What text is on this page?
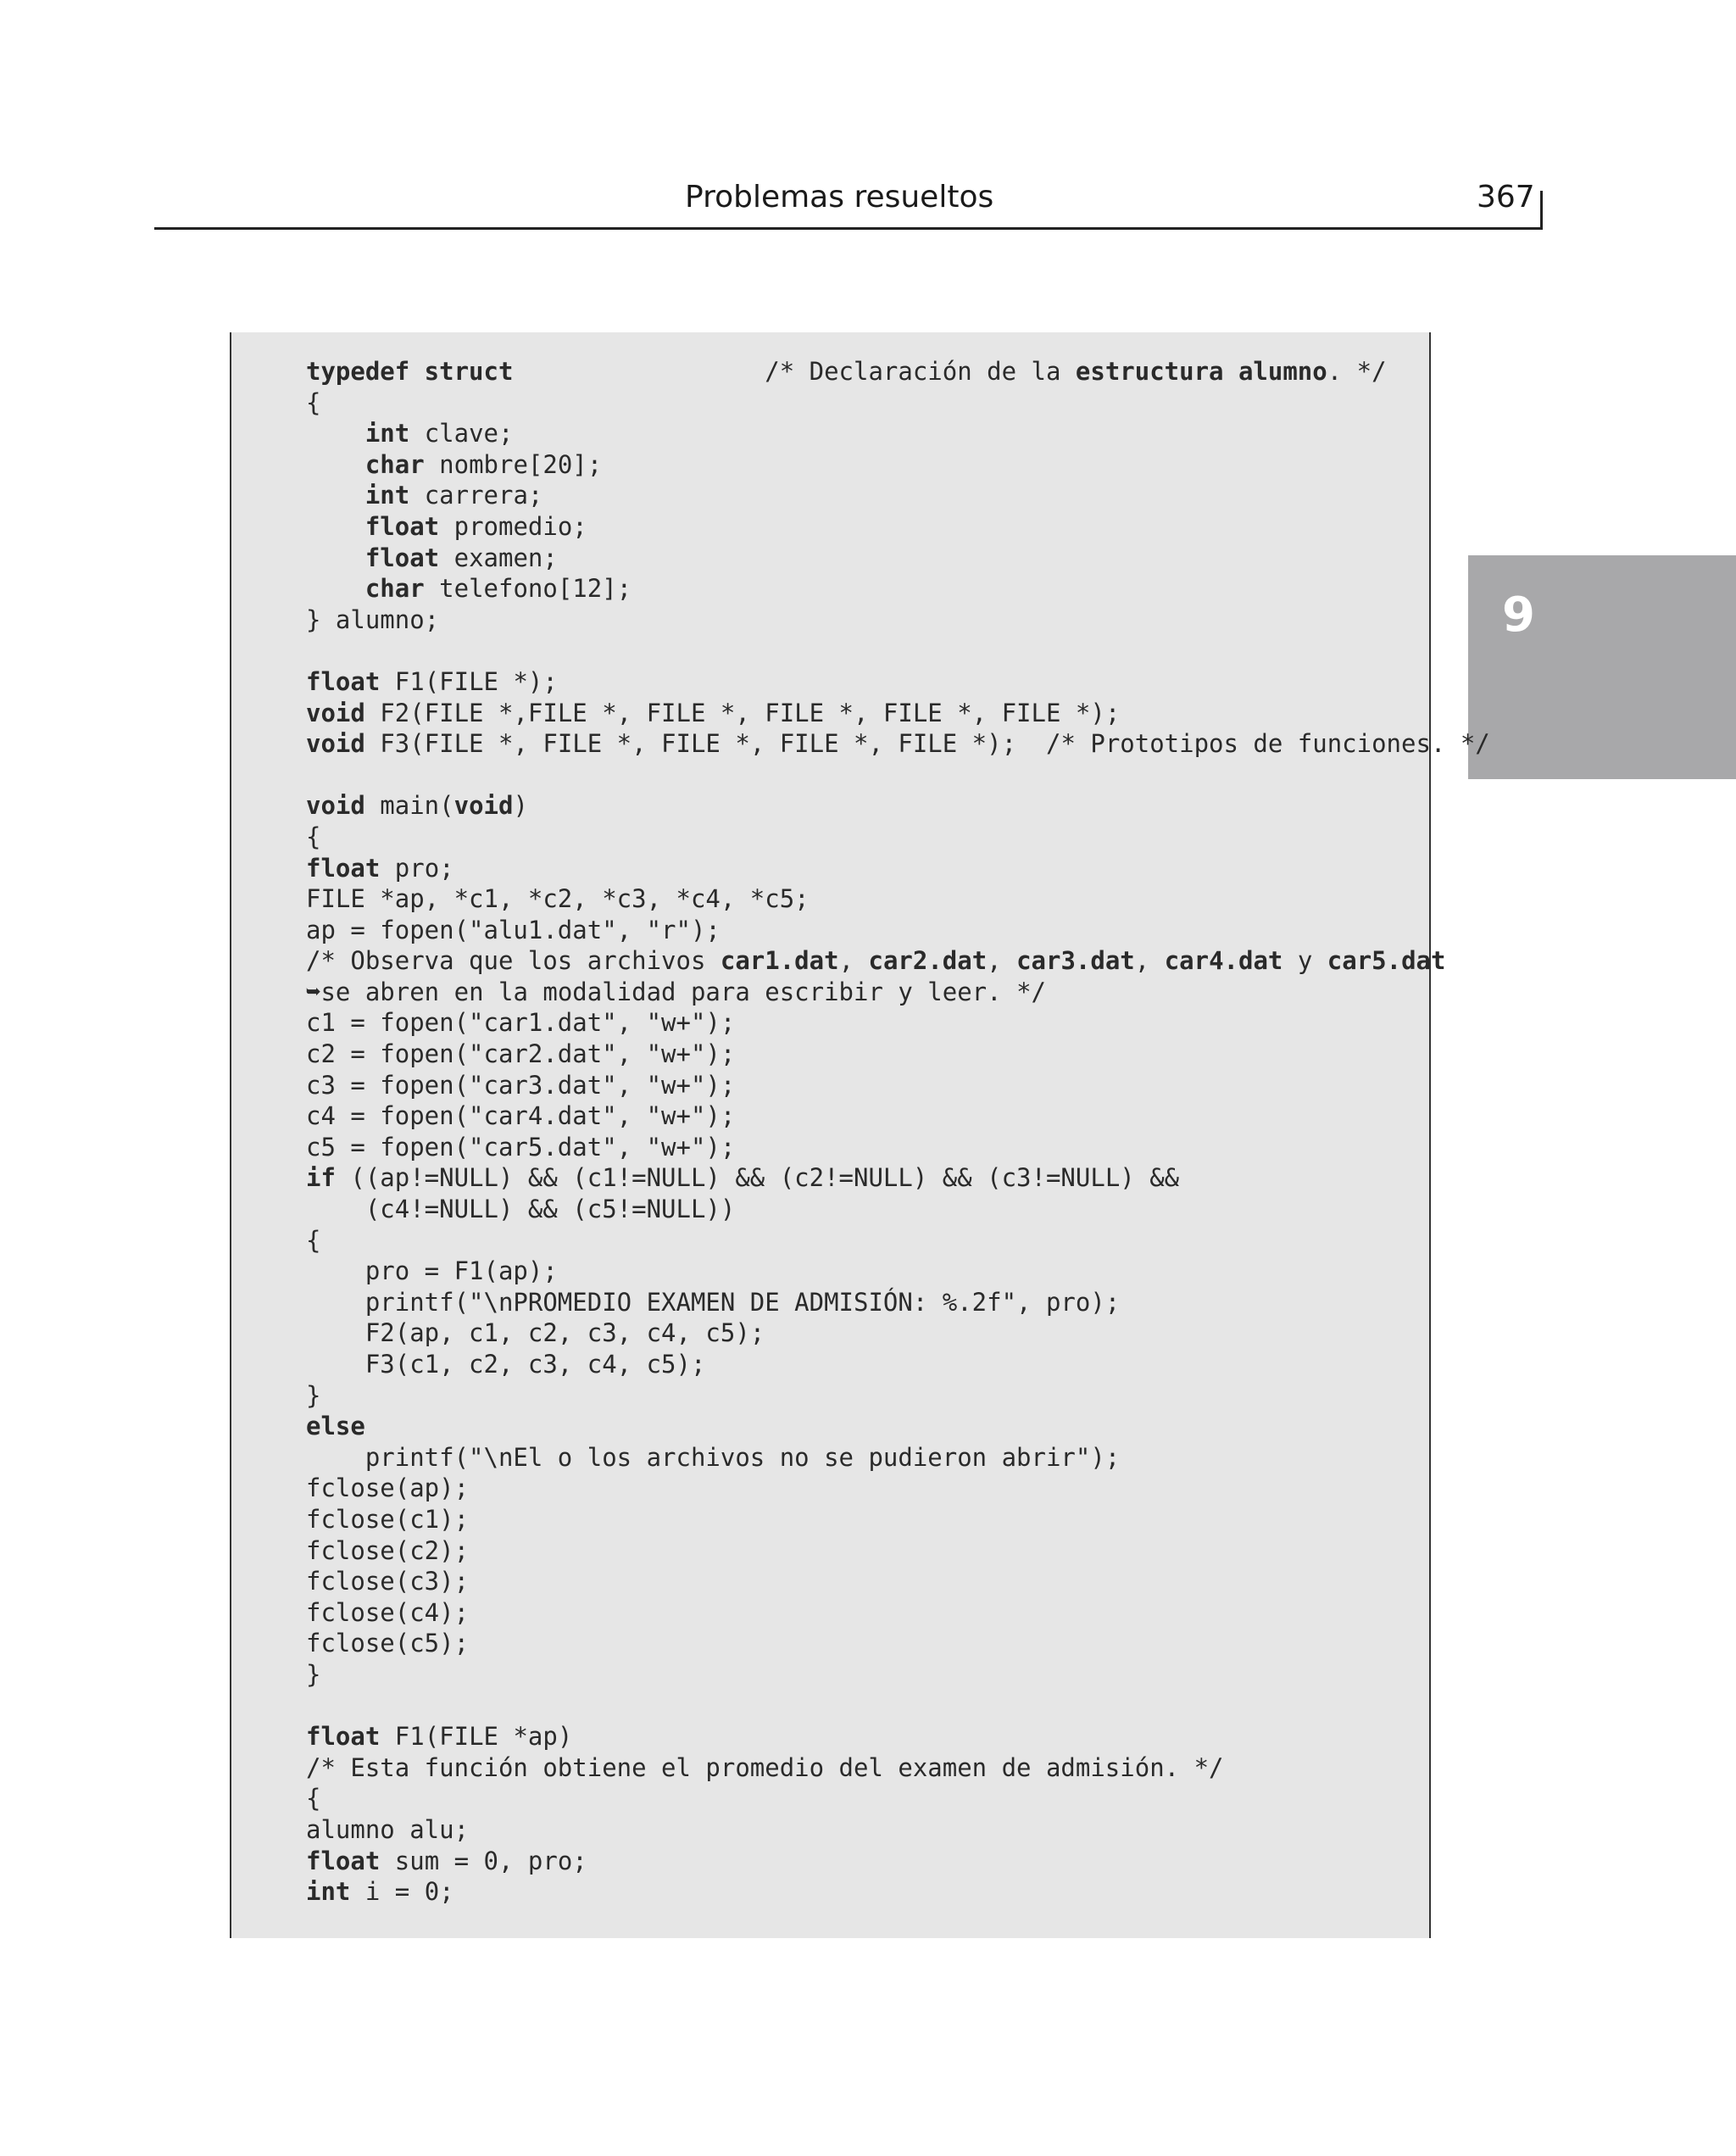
Problemas resueltos	367
9
typedef struct                 /* Declaración de la estructura alumno. */
{
int clave;
char nombre[20];
int carrera;
float promedio;
float examen;
char telefono[12];
} alumno;

float F1(FILE *);
void F2(FILE *,FILE *, FILE *, FILE *, FILE *, FILE *);
void F3(FILE *, FILE *, FILE *, FILE *, FILE *);  /* Prototipos de funciones. */

void main(void)
{
float pro;
FILE *ap, *c1, *c2, *c3, *c4, *c5;
ap = fopen("alu1.dat", "r");
/* Observa que los archivos car1.dat, car2.dat, car3.dat, car4.dat y car5.dat
➥se abren en la modalidad para escribir y leer. */
c1 = fopen("car1.dat", "w+");
c2 = fopen("car2.dat", "w+");
c3 = fopen("car3.dat", "w+");
c4 = fopen("car4.dat", "w+");
c5 = fopen("car5.dat", "w+");
if ((ap!=NULL) && (c1!=NULL) && (c2!=NULL) && (c3!=NULL) &&
(c4!=NULL) && (c5!=NULL))
{
pro = F1(ap);
printf("\nPROMEDIO EXAMEN DE ADMISIÓN: %.2f", pro);
F2(ap, c1, c2, c3, c4, c5);
F3(c1, c2, c3, c4, c5);
}
else
printf("\nEl o los archivos no se pudieron abrir");
fclose(ap);
fclose(c1);
fclose(c2);
fclose(c3);
fclose(c4);
fclose(c5);
}

float F1(FILE *ap)
/* Esta función obtiene el promedio del examen de admisión. */
{
alumno alu;
float sum = 0, pro;
int i = 0;
